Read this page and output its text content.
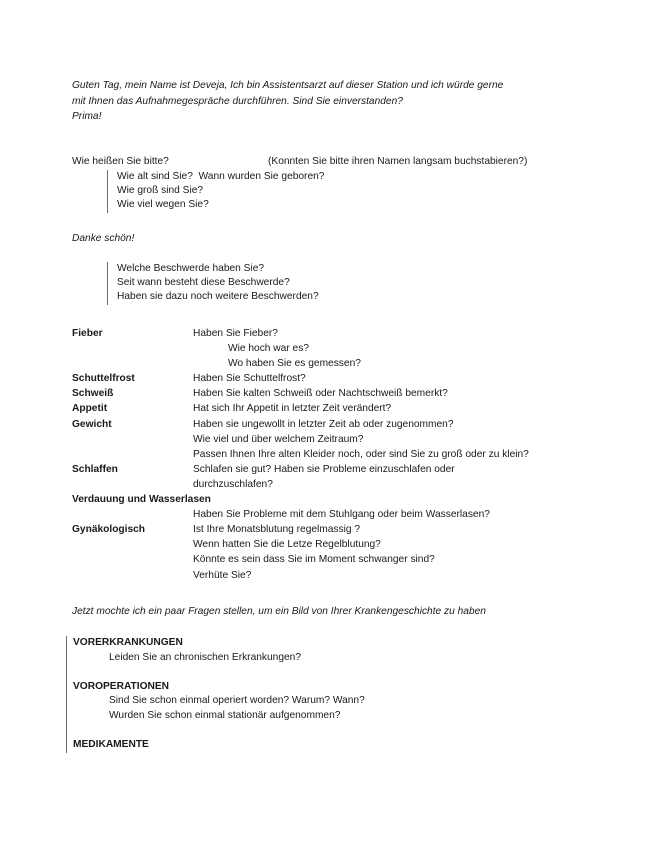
Guten Tag, mein Name ist Deveja, Ich bin Assistentsarzt auf dieser Station und ich würde gerne
mit Ihnen das Aufnahmegespräche durchführen. Sind Sie einverstanden?
Prima!
Wie heißen Sie bitte?	(Konnten Sie bitte ihren Namen langsam buchstabieren?)
Wie alt sind Sie?  Wann wurden Sie geboren?
Wie groß sind Sie?
Wie viel wegen Sie?
Danke schön!
Welche Beschwerde haben Sie?
Seit wann besteht diese Beschwerde?
Haben sie dazu noch weitere Beschwerden?
Fieber	Haben Sie Fieber?
Wie hoch war es?
Wo haben Sie es gemessen?
Schuttelfrost	Haben Sie Schuttelfrost?
Schweiß	Haben Sie kalten Schweiß oder Nachtschweiß bemerkt?
Appetit	Hat sich Ihr Appetit in letzter Zeit verändert?
Gewicht	Haben sie ungewollt in letzter Zeit ab oder zugenommen?
Wie viel und über welchem Zeitraum?
Passen Ihnen Ihre alten Kleider noch, oder sind Sie zu groß oder zu klein?
Schlaffen	Schlafen sie gut? Haben sie Probleme einzuschlafen oder
durchzuschlafen?
Verdauung und Wasserlasen
Haben Sie Probleme mit dem Stuhlgang oder beim Wasserlasen?
Gynäkologisch	Ist Ihre Monatsblutung regelmassig ?
Wenn hatten Sie die Letze Regelblutung?
Könnte es sein dass Sie im Moment schwanger sind?
Verhüte Sie?
Jetzt mochte ich ein paar Fragen stellen, um ein Bild von Ihrer Krankengeschichte zu haben
VORERKRANKUNGEN
Leiden Sie an chronischen Erkrankungen?
VOROPERATIONEN
Sind Sie schon einmal operiert worden? Warum? Wann?
Wurden Sie schon einmal stationär aufgenommen?
MEDIKAMENTE
